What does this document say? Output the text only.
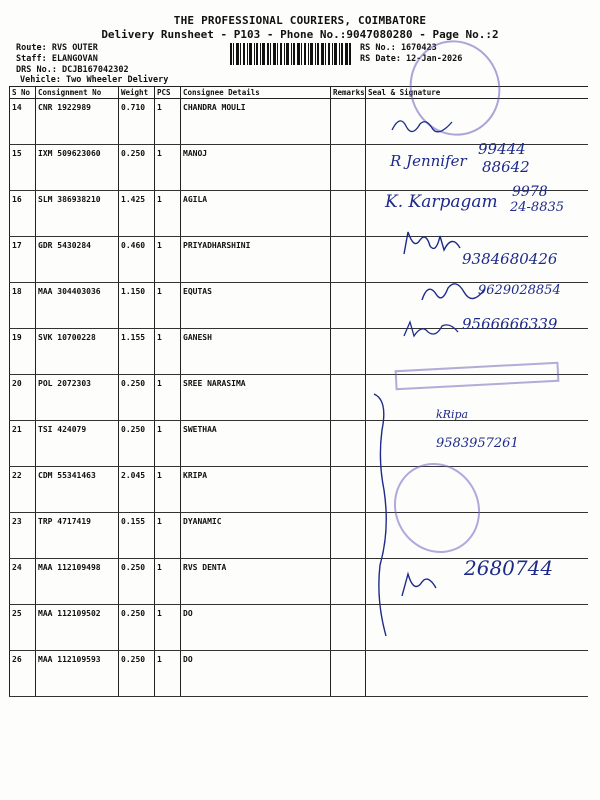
THE PROFESSIONAL COURIERS, COIMBATORE
Delivery Runsheet - P103 - Phone No.:9047080280 - Page No.:2
Route: RVS OUTER
Staff: ELANGOVAN
DRS No.: DCJB167042302
Vehicle: Two Wheeler Delivery
RS No.: 1670423
RS Date: 12-Jan-2026
S No	Consignment No	Weight	PCS	Consignee Details	Remarks	Seal & Signature
14	CNR 1922989	0.710	1	CHANDRA MOULI		
15	IXM 509623060	0.250	1	MANOJ		
16	SLM 386938210	1.425	1	AGILA		
17	GDR 5430284	0.460	1	PRIYADHARSHINI		
18	MAA 304403036	1.150	1	EQUTAS		
19	SVK 10700228	1.155	1	GANESH		
20	POL 2072303	0.250	1	SREE NARASIMA		
21	TSI 424079	0.250	1	SWETHAA		
22	CDM 55341463	2.045	1	KRIPA		
23	TRP 4717419	0.155	1	DYANAMIC		
24	MAA 112109498	0.250	1	RVS DENTA		
25	MAA 112109502	0.250	1	DO		
26	MAA 112109593	0.250	1	DO		
R Jennifer
99444
88642
K. Karpagam 9978
24-8835
9384680426
9629028854
9566666339
kRipa
9583957261
2680744
